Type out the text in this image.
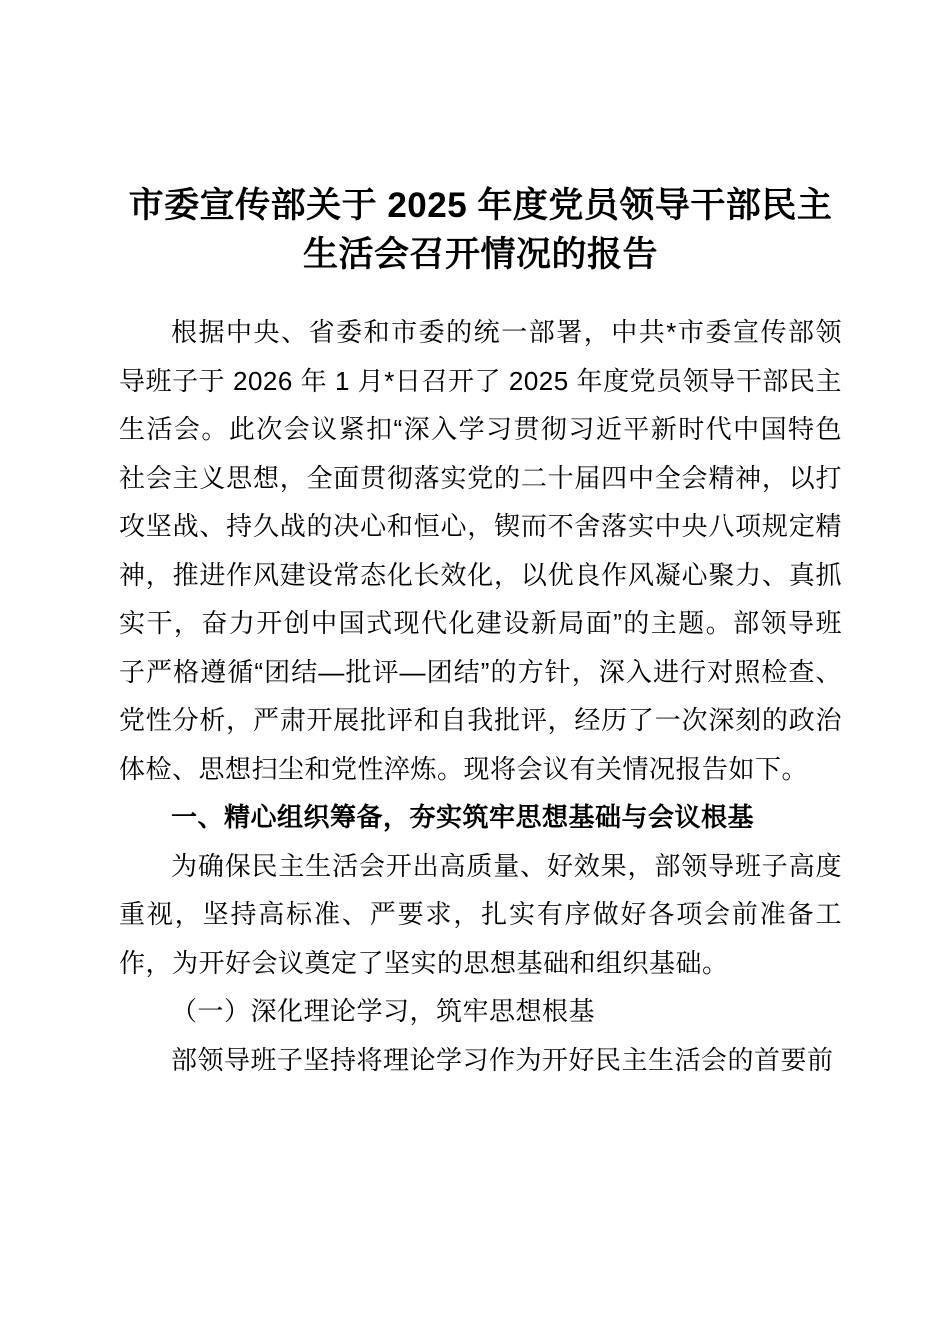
市委宣传部关于 2025 年度党员领导干部民主
生活会召开情况的报告

根据中央、省委和市委的统一部署，中共*市委宣传部领导班子于 2026 年 1 月*日召开了 2025 年度党员领导干部民主生活会。此次会议紧扣“深入学习贯彻习近平新时代中国特色社会主义思想，全面贯彻落实党的二十届四中全会精神，以打攻坚战、持久战的决心和恒心，锲而不舍落实中央八项规定精神，推进作风建设常态化长效化，以优良作风凝心聚力、真抓实干，奋力开创中国式现代化建设新局面”的主题。部领导班子严格遵循“团结—批评—团结”的方针，深入进行对照检查、党性分析，严肃开展批评和自我批评，经历了一次深刻的政治体检、思想扫尘和党性淬炼。现将会议有关情况报告如下。

一、精心组织筹备，夯实筑牢思想基础与会议根基

为确保民主生活会开出高质量、好效果，部领导班子高度重视，坚持高标准、严要求，扎实有序做好各项会前准备工作，为开好会议奠定了坚实的思想基础和组织基础。

（一）深化理论学习，筑牢思想根基

部领导班子坚持将理论学习作为开好民主生活会的首要前
